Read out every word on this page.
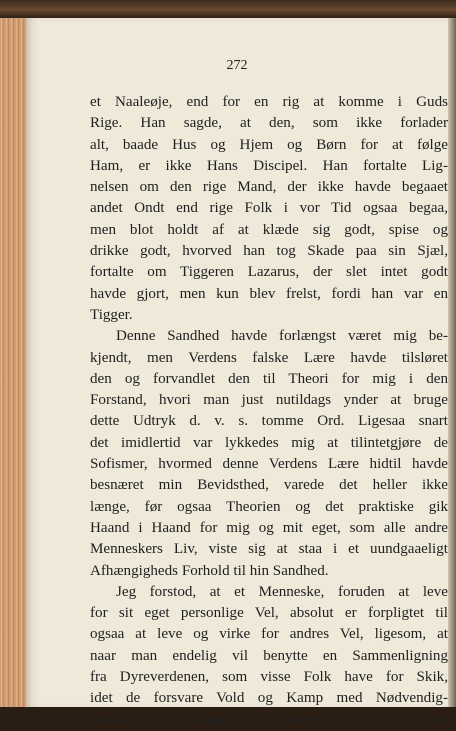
272
et Naaleøje, end for en rig at komme i Guds
Rige. Han sagde, at den, som ikke forlader
alt, baade Hus og Hjem og Børn for at følge
Ham, er ikke Hans Discipel. Han fortalte Lig-
nelsen om den rige Mand, der ikke havde begaaet
andet Ondt end rige Folk i vor Tid ogsaa begaa,
men blot holdt af at klæde sig godt, spise og
drikke godt, hvorved han tog Skade paa sin Sjæl,
fortalte om Tiggeren Lazarus, der slet intet godt
havde gjort, men kun blev frelst, fordi han var en
Tigger.
Denne Sandhed havde forlængst været mig be-
kjendt, men Verdens falske Lære havde tilsløret
den og forvandlet den til Theori for mig i den
Forstand, hvori man just nutildags ynder at bruge
dette Udtryk d. v. s. tomme Ord. Ligesaa snart
det imidlertid var lykkedes mig at tilintetgjøre de
Sofismer, hvormed denne Verdens Lære hidtil havde
besnæret min Bevidsthed, varede det heller ikke
længe, før ogsaa Theorien og det praktiske gik
Haand i Haand for mig og mit eget, som alle andre
Menneskers Liv, viste sig at staa i et uundgaaeligt
Afhængigheds Forhold til hin Sandhed.
Jeg forstod, at et Menneske, foruden at leve
for sit eget personlige Vel, absolut er forpligtet til
ogsaa at leve og virke for andres Vel, ligesom, at
naar man endelig vil benytte en Sammenligning
fra Dyreverdenen, som visse Folk have for Skik,
idet de forsvare Vold og Kamp med Nødvendig-
heden af at kæmpe for Tilværelsen, — at denne
